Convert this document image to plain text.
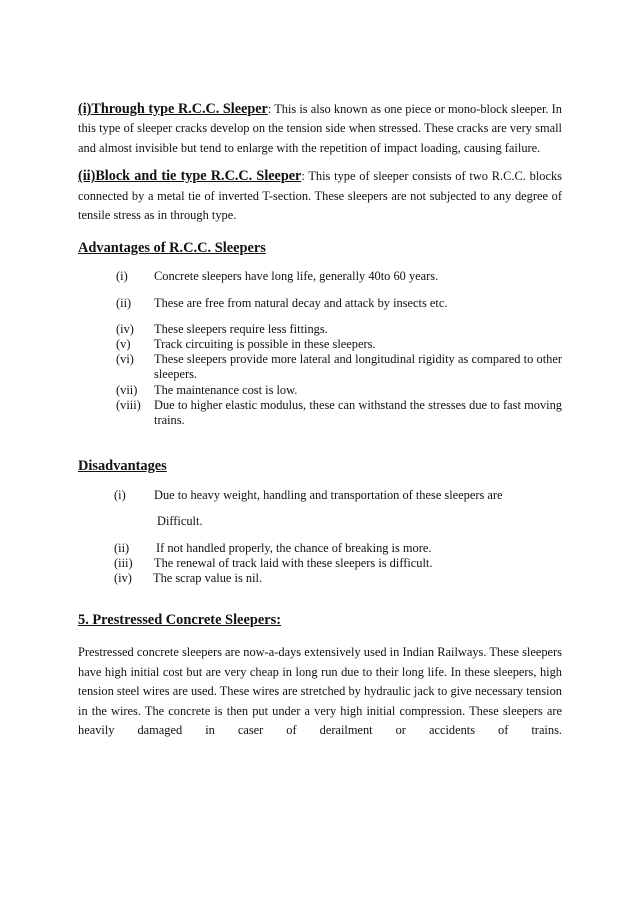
(i)Through type R.C.C. Sleeper: This is also known as one piece or mono-block sleeper. In this type of sleeper cracks develop on the tension side when stressed. These cracks are very small and almost invisible but tend to enlarge with the repetition of impact loading, causing failure.

(ii)Block and tie type R.C.C. Sleeper: This type of sleeper consists of two R.C.C. blocks connected by a metal tie of inverted T-section. These sleepers are not subjected to any degree of tensile stress as in through type.

Advantages of R.C.C. Sleepers
(i)	Concrete sleepers have long life, generally 40to 60 years.
(ii)	These are free from natural decay and attack by insects etc.
(iv)	These sleepers require less fittings.
(v)	Track circuiting is possible in these sleepers.
(vi)	These sleepers provide more lateral and longitudinal rigidity as compared to other sleepers.
(vii)	The maintenance cost is low.
(viii)	Due to higher elastic modulus, these can withstand the stresses due to fast moving trains.
Disadvantages
(i)	Due to heavy weight, handling and transportation of these sleepers are
Difficult.
(ii)	If not handled properly, the chance of breaking is more.
(iii)	The renewal of track laid with these sleepers is difficult.
(iv)	The scrap value is nil.
5. Prestressed Concrete Sleepers:

Prestressed concrete sleepers are now-a-days extensively used in Indian Railways. These sleepers have high initial cost but are very cheap in long run due to their long life. In these sleepers, high tension steel wires are used. These wires are stretched by hydraulic jack to give necessary tension in the wires. The concrete is then put under a very high initial compression. These sleepers are heavily damaged in caser of derailment or accidents of trains.
